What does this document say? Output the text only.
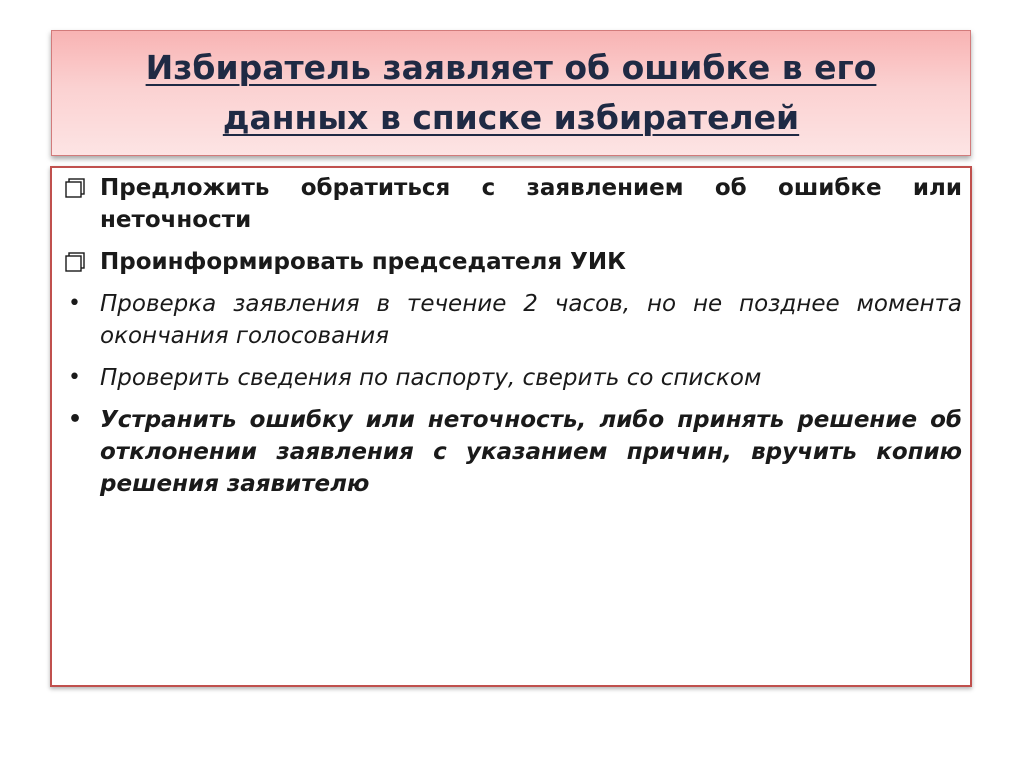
Избиратель заявляет об ошибке в его данных в списке избирателей
Предложить обратиться с заявлением об ошибке или неточности
Проинформировать председателя УИК
• Проверка заявления в течение 2 часов, но не позднее момента окончания голосования
• Проверить сведения по паспорту, сверить со списком
• Устранить ошибку или неточность, либо принять решение об отклонении заявления с указанием причин, вручить копию решения заявителю
